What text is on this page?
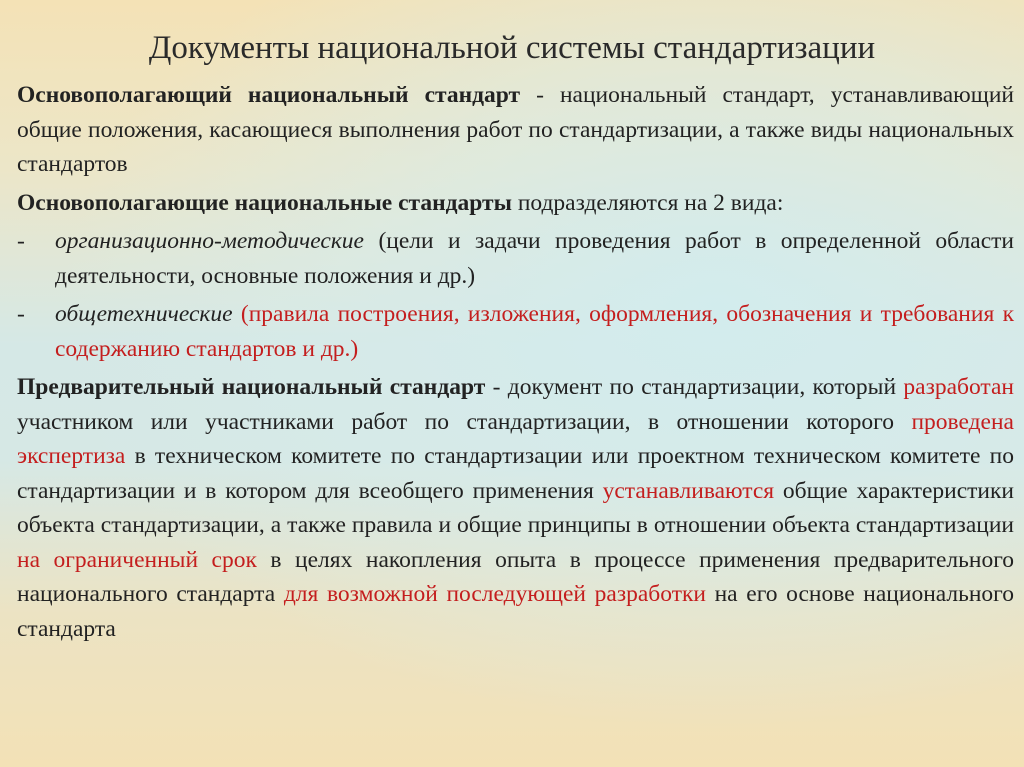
Документы национальной системы стандартизации

Основополагающий национальный стандарт - национальный стандарт, устанавливающий общие положения, касающиеся выполнения работ по стандартизации, а также виды национальных стандартов

Основополагающие национальные стандарты подразделяются на 2 вида:

-	организационно-методические (цели и задачи проведения работ в определенной области деятельности, основные положения и др.)
-	общетехнические (правила построения, изложения, оформления, обозначения и требования к содержанию стандартов и др.)

Предварительный национальный стандарт - документ по стандартизации, который разработан участником или участниками работ по стандартизации, в отношении которого проведена экспертиза в техническом комитете по стандартизации или проектном техническом комитете по стандартизации и в котором для всеобщего применения устанавливаются общие характеристики объекта стандартизации, а также правила и общие принципы в отношении объекта стандартизации на ограниченный срок в целях накопления опыта в процессе применения предварительного национального стандарта для возможной последующей разработки на его основе национального стандарта
